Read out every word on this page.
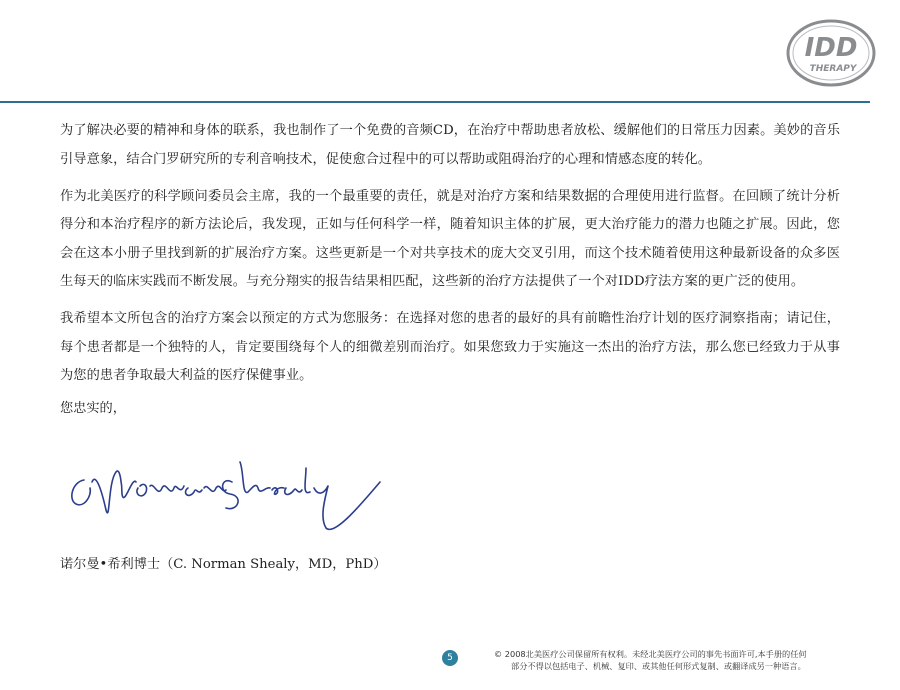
IDD
THERAPY

为了解决必要的精神和身体的联系，我也制作了一个免费的音频CD，在治疗中帮助患者放松、缓解他们的日常压力因素。美妙的音乐引导意象，结合门罗研究所的专利音响技术，促使愈合过程中的可以帮助或阻碍治疗的心理和情感态度的转化。

作为北美医疗的科学顾问委员会主席，我的一个最重要的责任，就是对治疗方案和结果数据的合理使用进行监督。在回顾了统计分析得分和本治疗程序的新方法论后，我发现，正如与任何科学一样，随着知识主体的扩展，更大治疗能力的潜力也随之扩展。因此，您会在这本小册子里找到新的扩展治疗方案。这些更新是一个对共享技术的庞大交叉引用，而这个技术随着使用这种最新设备的众多医生每天的临床实践而不断发展。与充分翔实的报告结果相匹配，这些新的治疗方法提供了一个对IDD疗法方案的更广泛的使用。

我希望本文所包含的治疗方案会以预定的方式为您服务：在选择对您的患者的最好的具有前瞻性治疗计划的医疗洞察指南；请记住，每个患者都是一个独特的人，肯定要围绕每个人的细微差别而治疗。如果您致力于实施这一杰出的治疗方法，那么您已经致力于从事为您的患者争取最大利益的医疗保健事业。

您忠实的，
诺尔曼•希利博士（C. Norman Shealy，MD，PhD）
5	© 2008北美医疗公司保留所有权利。未经北美医疗公司的事先书面许可,本手册的任何
部分不得以包括电子、机械、复印、或其他任何形式复制、或翻译成另一种语言。
